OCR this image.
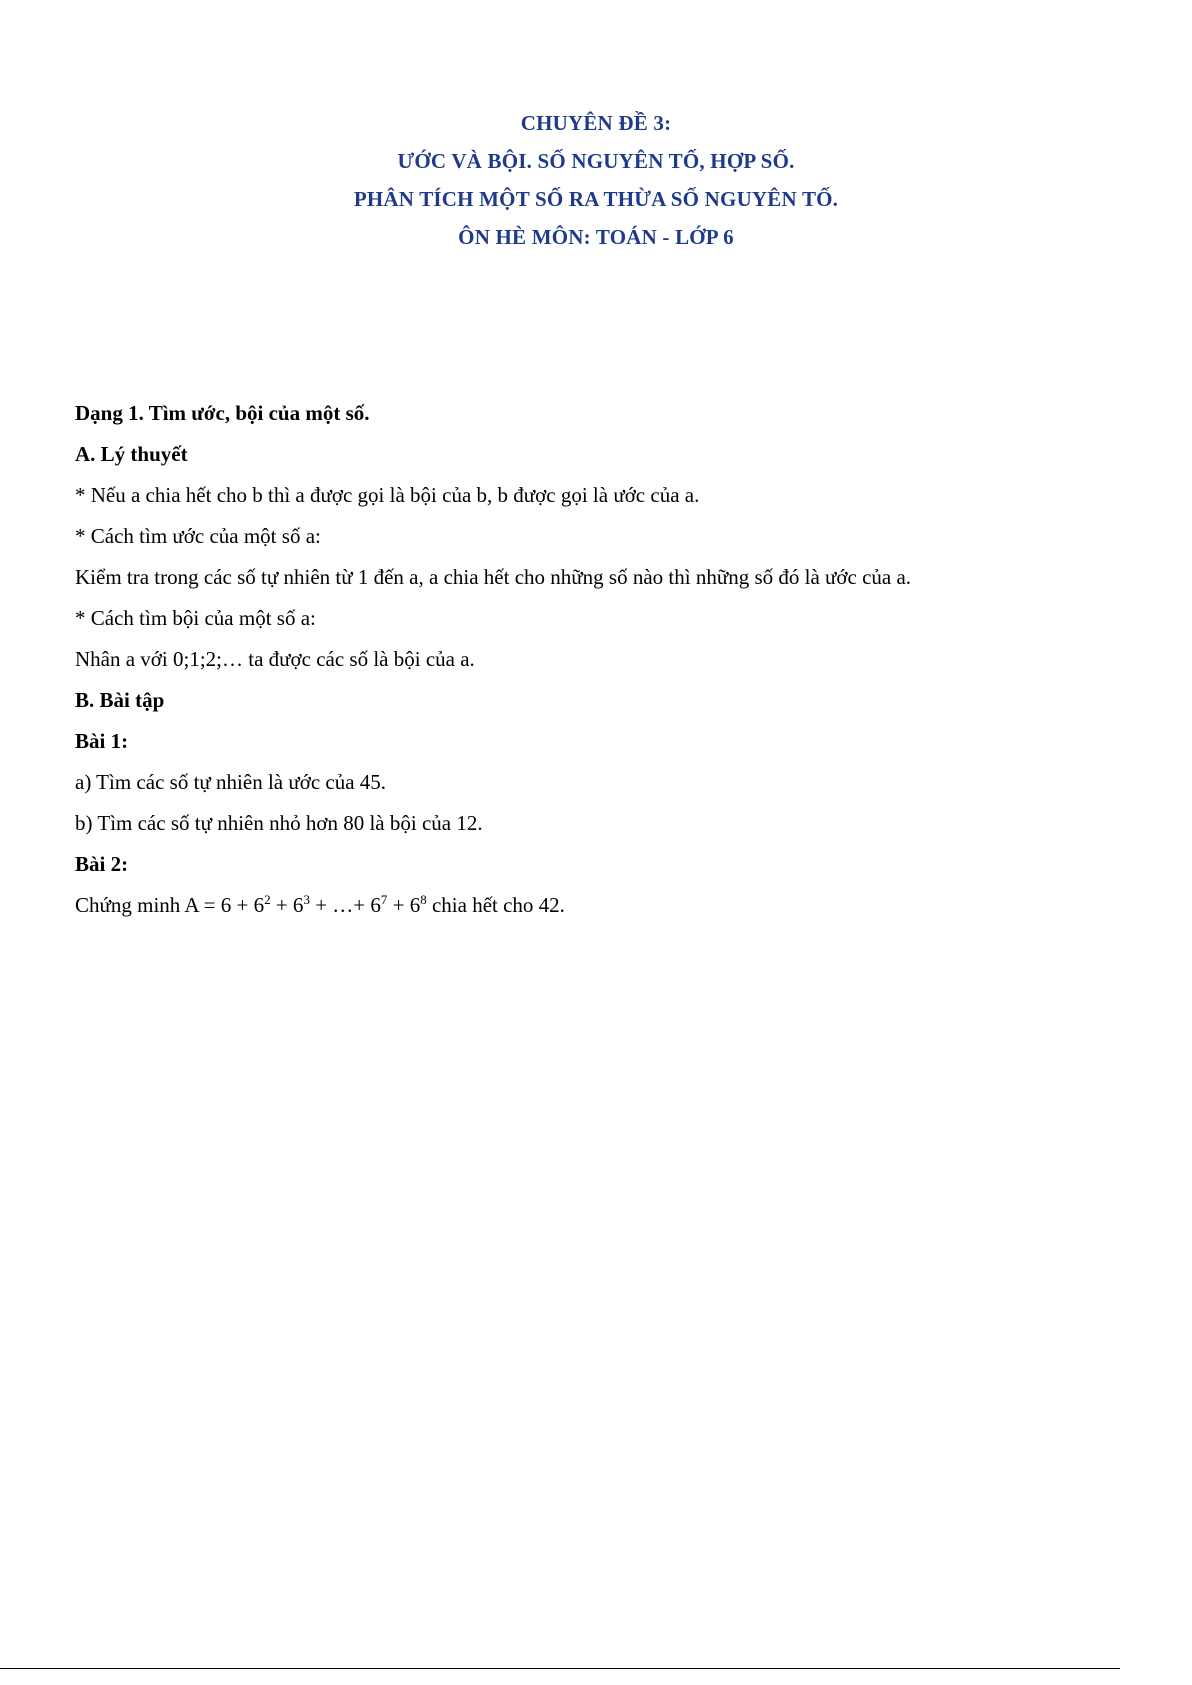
CHUYÊN ĐỀ 3:
ƯỚC VÀ BỘI. SỐ NGUYÊN TỐ, HỢP SỐ.
PHÂN TÍCH MỘT SỐ RA THỪA SỐ NGUYÊN TỐ.
ÔN HÈ MÔN: TOÁN - LỚP 6
Dạng 1. Tìm ước, bội của một số.
A. Lý thuyết
* Nếu a chia hết cho b thì a được gọi là bội của b, b được gọi là ước của a.
* Cách tìm ước của một số a:
Kiểm tra trong các số tự nhiên từ 1 đến a, a chia hết cho những số nào thì những số đó là ước của a.
* Cách tìm bội của một số a:
Nhân a với 0;1;2;… ta được các số là bội của a.
B. Bài tập
Bài 1:
a) Tìm các số tự nhiên là ước của 45.
b) Tìm các số tự nhiên nhỏ hơn 80 là bội của 12.
Bài 2:
Chứng minh $A = 6 + 6^2 + 6^3$ + …+ $6^7 + 6^8$ chia hết cho 42.
